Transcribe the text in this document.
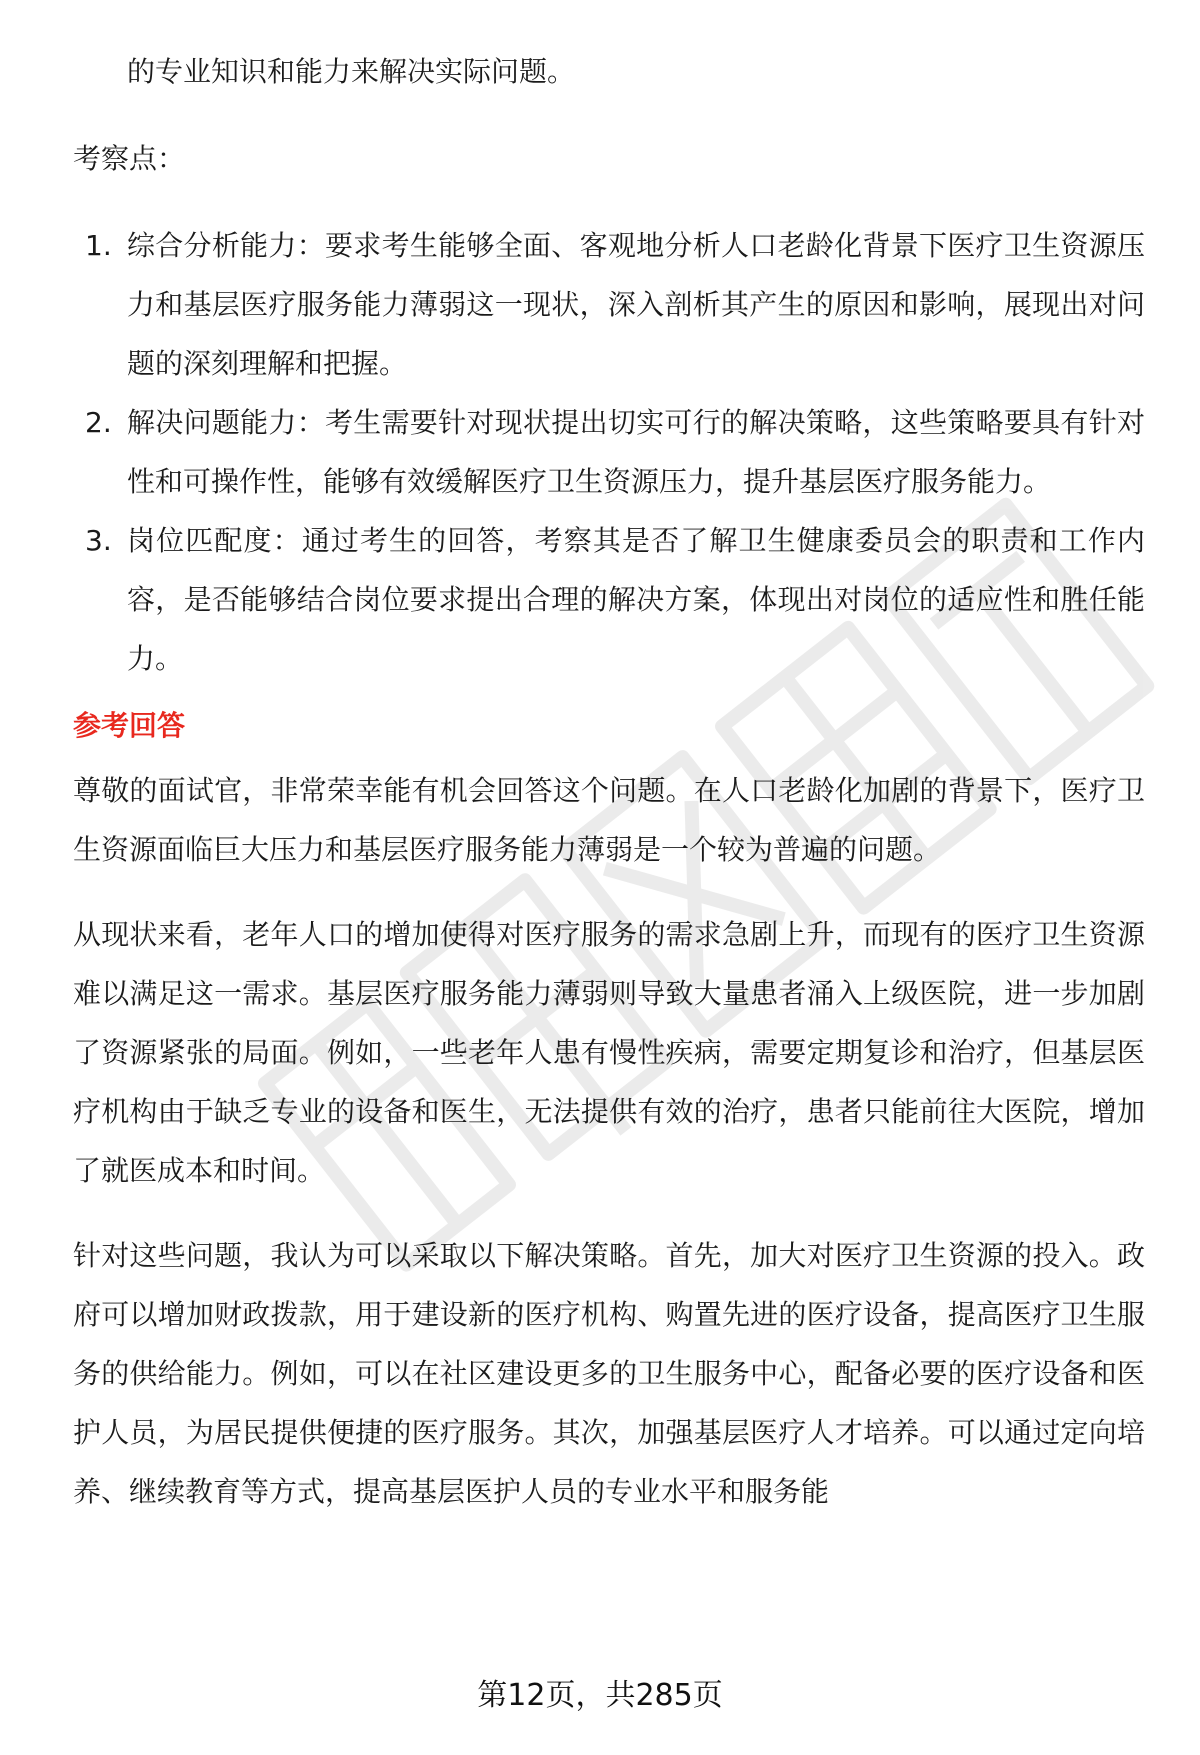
的专业知识和能力来解决实际问题。

考察点：

1. 综合分析能力：要求考生能够全面、客观地分析人口老龄化背景下医疗卫生资源压力和基层医疗服务能力薄弱这一现状，深入剖析其产生的原因和影响，展现出对问题的深刻理解和把握。
2. 解决问题能力：考生需要针对现状提出切实可行的解决策略，这些策略要具有针对性和可操作性，能够有效缓解医疗卫生资源压力，提升基层医疗服务能力。
3. 岗位匹配度：通过考生的回答，考察其是否了解卫生健康委员会的职责和工作内容，是否能够结合岗位要求提出合理的解决方案，体现出对岗位的适应性和胜任能力。

参考回答

尊敬的面试官，非常荣幸能有机会回答这个问题。在人口老龄化加剧的背景下，医疗卫生资源面临巨大压力和基层医疗服务能力薄弱是一个较为普遍的问题。

从现状来看，老年人口的增加使得对医疗服务的需求急剧上升，而现有的医疗卫生资源难以满足这一需求。基层医疗服务能力薄弱则导致大量患者涌入上级医院，进一步加剧了资源紧张的局面。例如，一些老年人患有慢性疾病，需要定期复诊和治疗，但基层医疗机构由于缺乏专业的设备和医生，无法提供有效的治疗，患者只能前往大医院，增加了就医成本和时间。

针对这些问题，我认为可以采取以下解决策略。首先，加大对医疗卫生资源的投入。政府可以增加财政拨款，用于建设新的医疗机构、购置先进的医疗设备，提高医疗卫生服务的供给能力。例如，可以在社区建设更多的卫生服务中心，配备必要的医疗设备和医护人员，为居民提供便捷的医疗服务。其次，加强基层医疗人才培养。可以通过定向培养、继续教育等方式，提高基层医护人员的专业水平和服务能

第12页，共285页
